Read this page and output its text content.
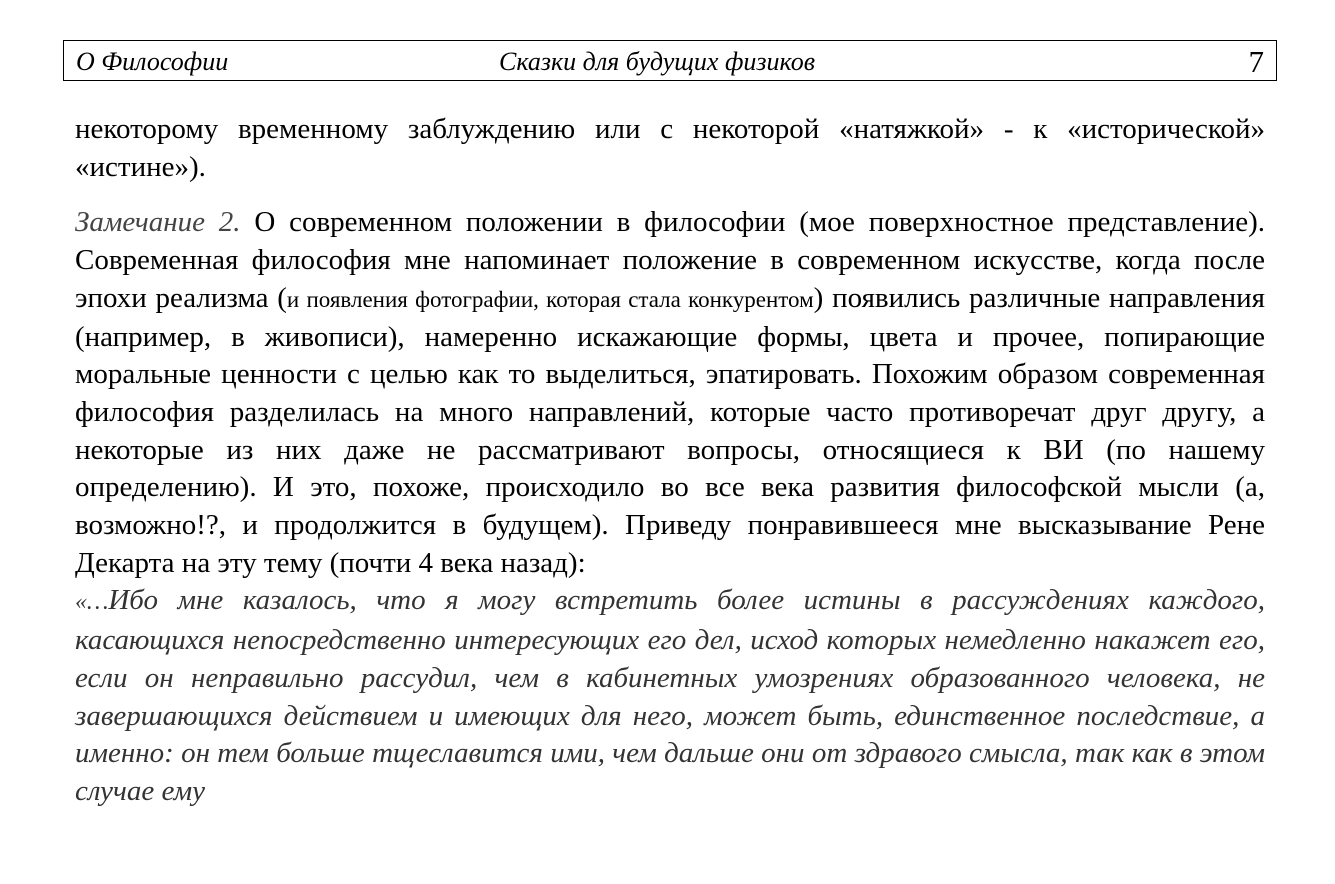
О Философии	Сказки для будущих физиков	7

некоторому временному заблуждению или с некоторой «натяжкой» - к «исторической» «истине»).

Замечание 2. О современном положении в философии (мое поверхностное представление). Современная философия мне напоминает положение в современном искусстве, когда после эпохи реализма (и появления фотографии, которая стала конкурентом) появились различные направления (например, в живописи), намеренно искажающие формы, цвета и прочее, попирающие моральные ценности с целью как то выделиться, эпатировать. Похожим образом современная философия разделилась на много направлений, которые часто противоречат друг другу, а некоторые из них даже не рассматривают вопросы, относящиеся к ВИ (по нашему определению). И это, похоже, происходило во все века развития философской мысли (а, возможно!?, и продолжится в будущем). Приведу понравившееся мне высказывание Рене Декарта на эту тему (почти 4 века назад):

«…Ибо мне казалось, что я могу встретить более истины в рассуждениях каждого, касающихся непосредственно интересующих его дел, исход которых немедленно накажет его, если он неправильно рассудил, чем в кабинетных умозрениях образованного человека, не завершающихся действием и имеющих для него, может быть, единственное последствие, а именно: он тем больше тщеславится ими, чем дальше они от здравого смысла, так как в этом случае ему
